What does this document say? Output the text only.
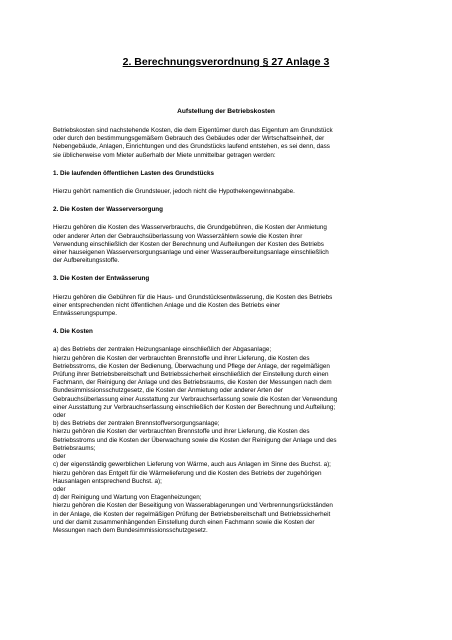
2. Berechnungsverordnung § 27 Anlage 3
Aufstellung der Betriebskosten
Betriebskosten sind nachstehende Kosten, die dem Eigentümer durch das Eigentum am Grundstück
oder durch den bestimmungsgemäßem Gebrauch des Gebäudes oder der Wirtschaftseinheit, der
Nebengebäude, Anlagen, Einrichtungen und des Grundstücks laufend entstehen, es sei denn, dass
sie üblicherweise vom Mieter außerhalb der Miete unmittelbar getragen werden:
1. Die laufenden öffentlichen Lasten des Grundstücks
Hierzu gehört namentlich die Grundsteuer, jedoch nicht die Hypothekengewinnabgabe.
2. Die Kosten der Wasserversorgung
Hierzu gehören die Kosten des Wasserverbrauchs, die Grundgebühren, die Kosten der Anmietung
oder anderer Arten der Gebrauchsüberlassung von Wasserzählern sowie die Kosten ihrer
Verwendung einschließlich der Kosten der Berechnung und Aufteilungen der Kosten des Betriebs
einer hauseigenen Wasserversorgungsanlage und einer Wasseraufbereitungsanlage einschließlich
der Aufbereitungsstoffe.
3. Die Kosten der Entwässerung
Hierzu gehören die Gebühren für die Haus- und Grundstücksentwässerung, die Kosten des Betriebs
einer entsprechenden nicht öffentlichen Anlage und die Kosten des Betriebs einer
Entwässerungspumpe.
4. Die Kosten
a) des Betriebs der zentralen Heizungsanlage einschließlich der Abgasanlage;
hierzu gehören die Kosten der verbrauchten Brennstoffe und ihrer Lieferung, die Kosten des
Betriebsstroms, die Kosten der Bedienung, Überwachung und Pflege der Anlage, der regelmäßigen
Prüfung ihrer Betriebsbereitschaft und Betriebssicherheit einschließlich der Einstellung durch einen
Fachmann, der Reinigung der Anlage und des Betriebsraums, die Kosten der Messungen nach dem
Bundesimmissionsschutzgesetz, die Kosten der Anmietung oder anderer Arten der
Gebrauchsüberlassung einer Ausstattung zur Verbrauchserfassung sowie die Kosten der Verwendung
einer Ausstattung zur Verbrauchserfassung einschließlich der Kosten der Berechnung und Aufteilung;
oder
b) des Betriebs der zentralen Brennstoffversorgungsanlage;
hierzu gehören die Kosten der verbrauchten Brennstoffe und ihrer Lieferung, die Kosten des
Betriebsstroms und die Kosten der Überwachung sowie die Kosten der Reinigung der Anlage und des
Betriebsraums;
oder
c) der eigenständig gewerblichen Lieferung von Wärme, auch aus Anlagen im Sinne des Buchst. a);
hierzu gehören das Entgelt für die Wärmelieferung und die Kosten des Betriebs der zugehörigen
Hausanlagen entsprechend Buchst. a);
oder
d) der Reinigung und Wartung von Etagenheizungen;
hierzu gehören die Kosten der Beseitigung von Wasserablagerungen und Verbrennungsrückständen
in der Anlage, die Kosten der regelmäßigen Prüfung der Betriebsbereitschaft und Betriebssicherheit
und der damit zusammenhängenden Einstellung durch einen Fachmann sowie die Kosten der
Messungen nach dem Bundesimmissionsschutzgesetz.
